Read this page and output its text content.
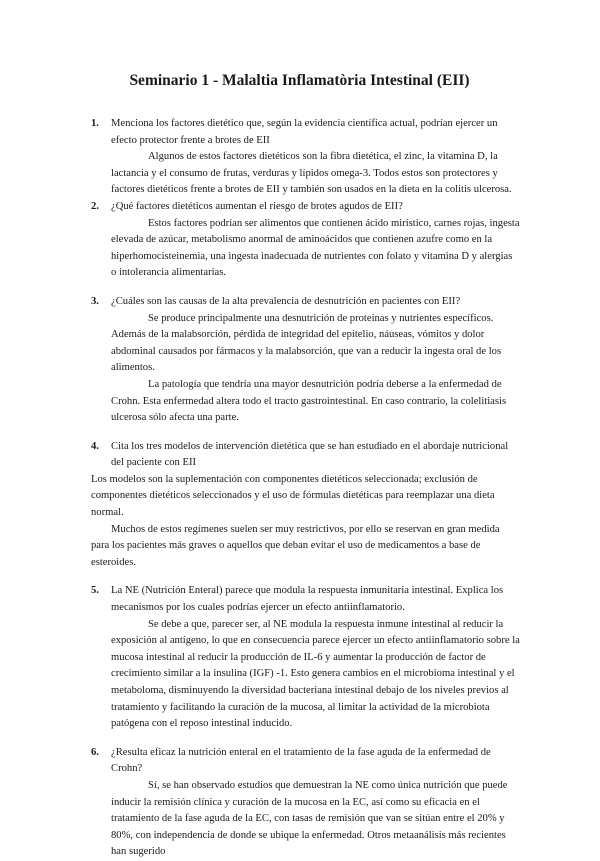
Seminario 1 - Malaltia Inflamatòria Intestinal (EII)
1. Menciona los factores dietético que, según la evidencia científica actual, podrían ejercer un efecto protector frente a brotes de EII

Algunos de estos factores dietéticos son la fibra dietética, el zinc, la vitamina D, la lactancia y el consumo de frutas, verduras y lípidos omega-3. Todos estos son protectores y factores dietéticos frente a brotes de EII y también son usados en la dieta en la colitis ulcerosa.

2. ¿Qué factores dietéticos aumentan el riesgo de brotes agudos de EII?

Estos factores podrían ser alimentos que contienen ácido mirístico, carnes rojas, ingesta elevada de azúcar, metabolismo anormal de aminoácidos que contienen azufre como en la hiperhomocisteinemia, una ingesta inadecuada de nutrientes con folato y vitamina D y alergias o intolerancia alimentarias.

3. ¿Cuáles son las causas de la alta prevalencia de desnutrición en pacientes con EII?

Se produce principalmente una desnutrición de proteínas y nutrientes específicos. Además de la malabsorción, pérdida de integridad del epitelio, náuseas, vómitos y dolor abdominal causados por fármacos y la malabsorción, que van a reducir la ingesta oral de los alimentos.

La patología que tendría una mayor desnutrición podría deberse a la enfermedad de Crohn. Esta enfermedad altera todo el tracto gastrointestinal. En caso contrario, la colelitiasis ulcerosa sólo afecta una parte.

4. Cita los tres modelos de intervención dietética que se han estudiado en el abordaje nutricional del paciente con EII

Los modelos son la suplementación con componentes dietéticos seleccionada; exclusión de componentes dietéticos seleccionados y el uso de fórmulas dietéticas para reemplazar una dieta normal.

Muchos de estos regímenes suelen ser muy restrictivos, por ello se reservan en gran medida para los pacientes más graves o aquellos que deban evitar el uso de medicamentos a base de esteroides.

5. La NE (Nutrición Enteral) parece que modula la respuesta inmunitaria intestinal. Explica los mecanismos por los cuales podrías ejercer un efecto antiinflamatorio.

Se debe a que, parecer ser, al NE modula la respuesta inmune intestinal al reducir la exposición al antígeno, lo que en consecuencia parece ejercer un efecto antiinflamatorio sobre la mucosa intestinal al reducir la producción de IL-6 y aumentar la producción de factor de crecimiento similar a la insulina (IGF) -1. Esto genera cambios en el microbioma intestinal y el metaboloma, disminuyendo la diversidad bacteriana intestinal debajo de los niveles previos al tratamiento y facilitando la curación de la mucosa, al limitar la actividad de la microbiota patógena con el reposo intestinal inducido.

6. ¿Resulta eficaz la nutrición enteral en el tratamiento de la fase aguda de la enfermedad de Crohn?

Sí, se han observado estudios que demuestran la NE como única nutrición que puede inducir la remisión clínica y curación de la mucosa en la EC, así como su eficacia en el tratamiento de la fase aguda de la EC, con tasas de remisión que van se sitúan entre el 20% y 80%, con independencia de donde se ubique la enfermedad. Otros metaanálisis más recientes han sugerido
